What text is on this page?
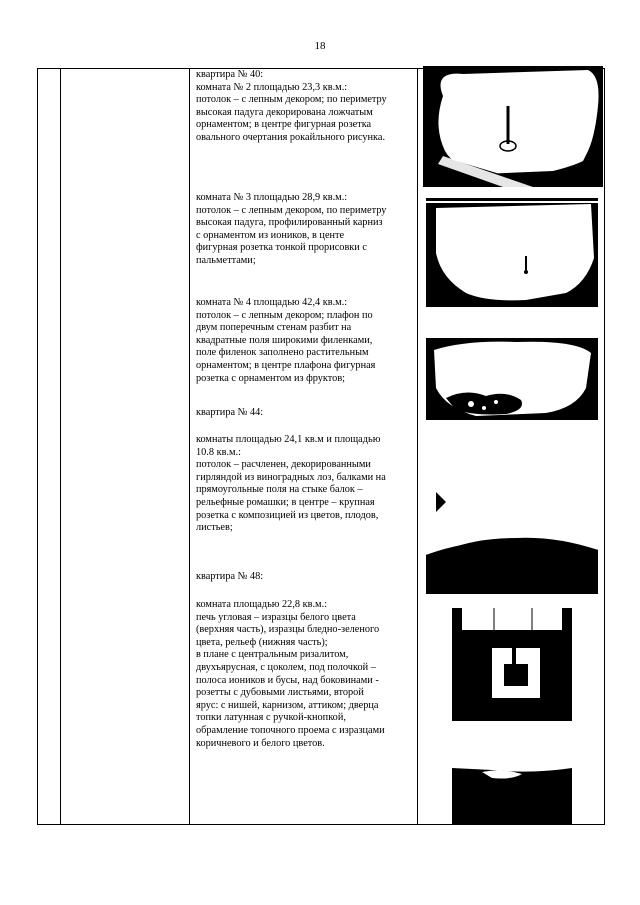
18

квартира № 40:

комната № 2 площадью 23,3 кв.м.:

потолок – с лепным декором; по периметру

высокая падуга декорирована ложчатым

орнаментом; в центре фигурная розетка

овального очертания рокайльного рисунка.

комната № 3 площадью 28,9 кв.м.:

потолок – с лепным декором, по периметру

высокая падуга, профилированный карниз

с орнаментом из иоников, в центе

фигурная розетка тонкой прорисовки с

пальметтами;

комната № 4 площадью 42,4 кв.м.:

потолок – с лепным декором; плафон по

двум поперечным стенам разбит на

квадратные поля широкими филенками,

поле филенок заполнено растительным

орнаментом; в центре плафона фигурная

розетка с орнаментом из фруктов;

квартира № 44:

комнаты площадью 24,1 кв.м и площадью

10.8 кв.м.:

потолок – расчленен, декорированными

гирляндой из виноградных лоз, балками на

прямоугольные поля на стыке балок –

рельефные ромашки; в центре – крупная

розетка с композицией из цветов, плодов,

листьев;

квартира № 48:

комната площадью 22,8 кв.м.:

печь угловая – изразцы белого цвета

(верхняя часть), изразцы бледно-зеленого

цвета, рельеф (нижняя часть);

в плане с центральным ризалитом,

двухъярусная, с цоколем, под полочкой –

полоса иоников и бусы, над боковинами -

розетты с дубовыми листьями, второй

ярус: с нишей, карнизом, аттиком; дверца

топки латунная с ручкой-кнопкой,

обрамление топочного проема с изразцами

коричневого и белого цветов.
